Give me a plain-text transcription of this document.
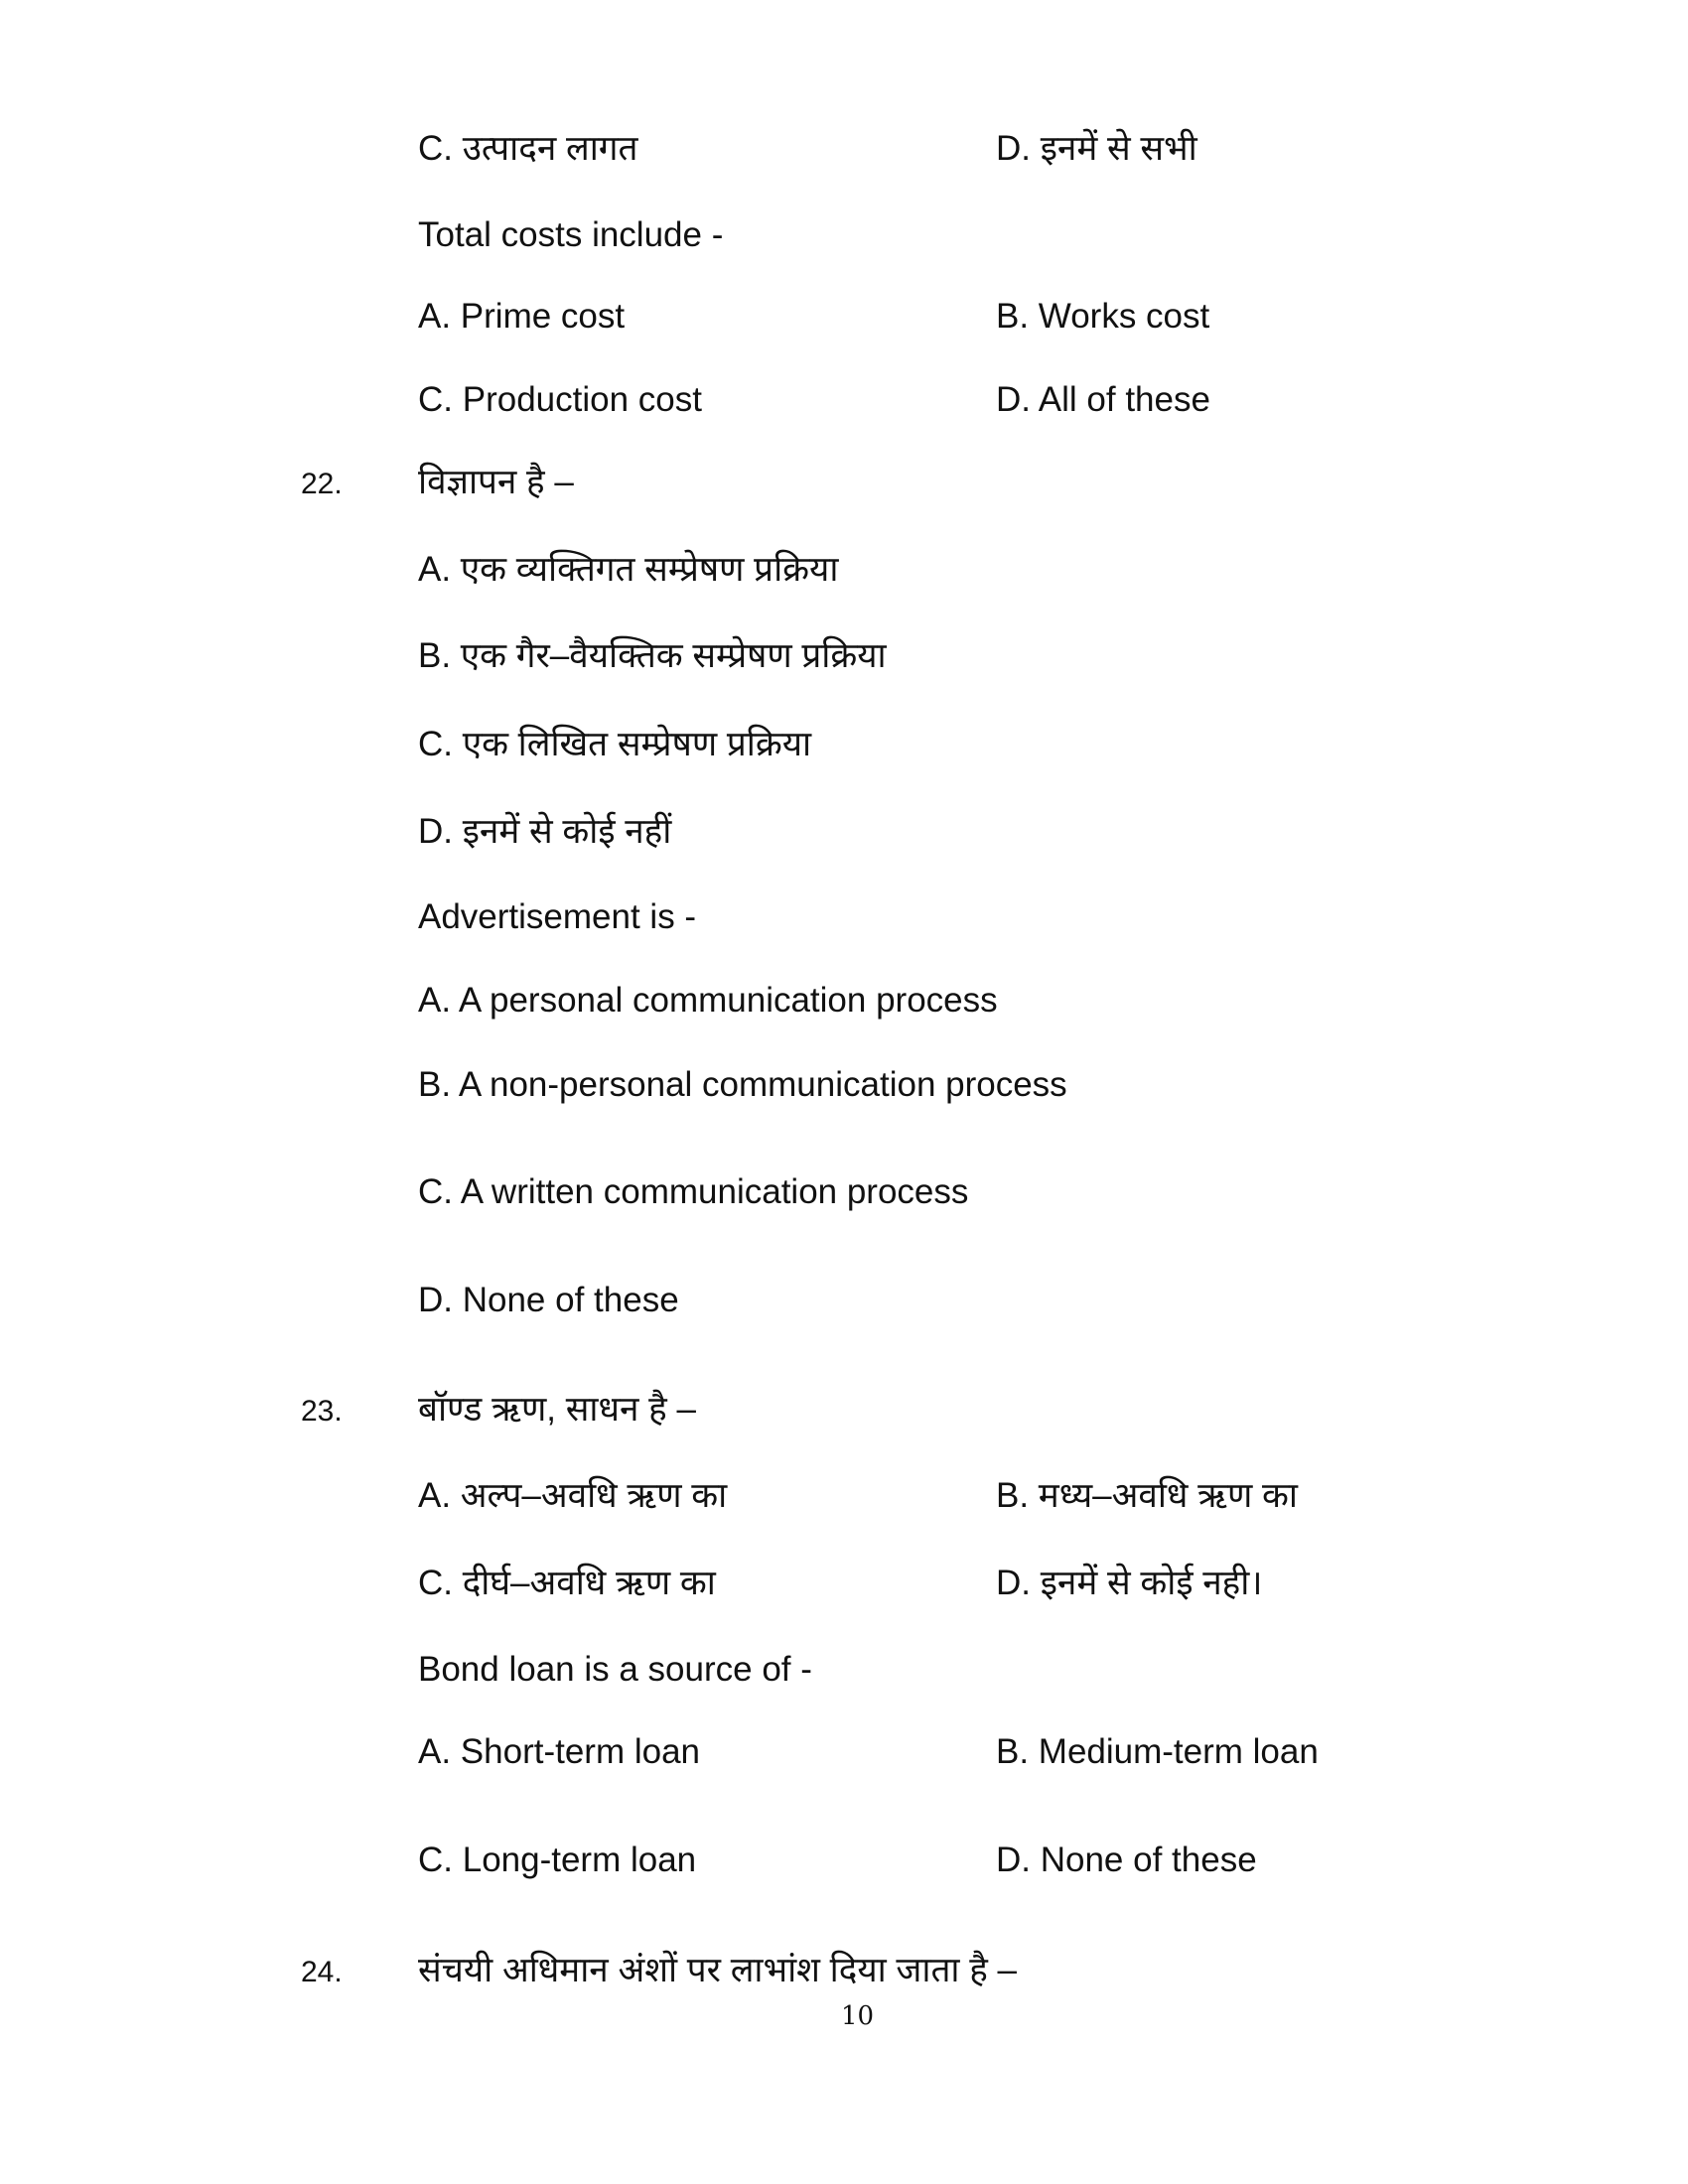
C. उत्पादन लागत	D. इनमें से सभी
Total costs include -
A. Prime cost	B. Works cost
C. Production cost	D. All of these
22. विज्ञापन है –
A. एक व्यक्तिगत सम्प्रेषण प्रक्रिया
B. एक गैर–वैयक्तिक सम्प्रेषण प्रक्रिया
C. एक लिखित सम्प्रेषण प्रक्रिया
D. इनमें से कोई नहीं
Advertisement is -
A. A personal communication process
B. A non-personal communication process
C. A written communication process
D. None of these
23. बॉण्ड ऋण, साधन है –
A. अल्प–अवधि ऋण का	B. मध्य–अवधि ऋण का
C. दीर्घ–अवधि ऋण का	D. इनमें से कोई नही।
Bond loan is a source of -
A. Short-term loan	B. Medium-term loan
C. Long-term loan	D. None of these
24. संचयी अधिमान अंशों पर लाभांश दिया जाता है –
10
